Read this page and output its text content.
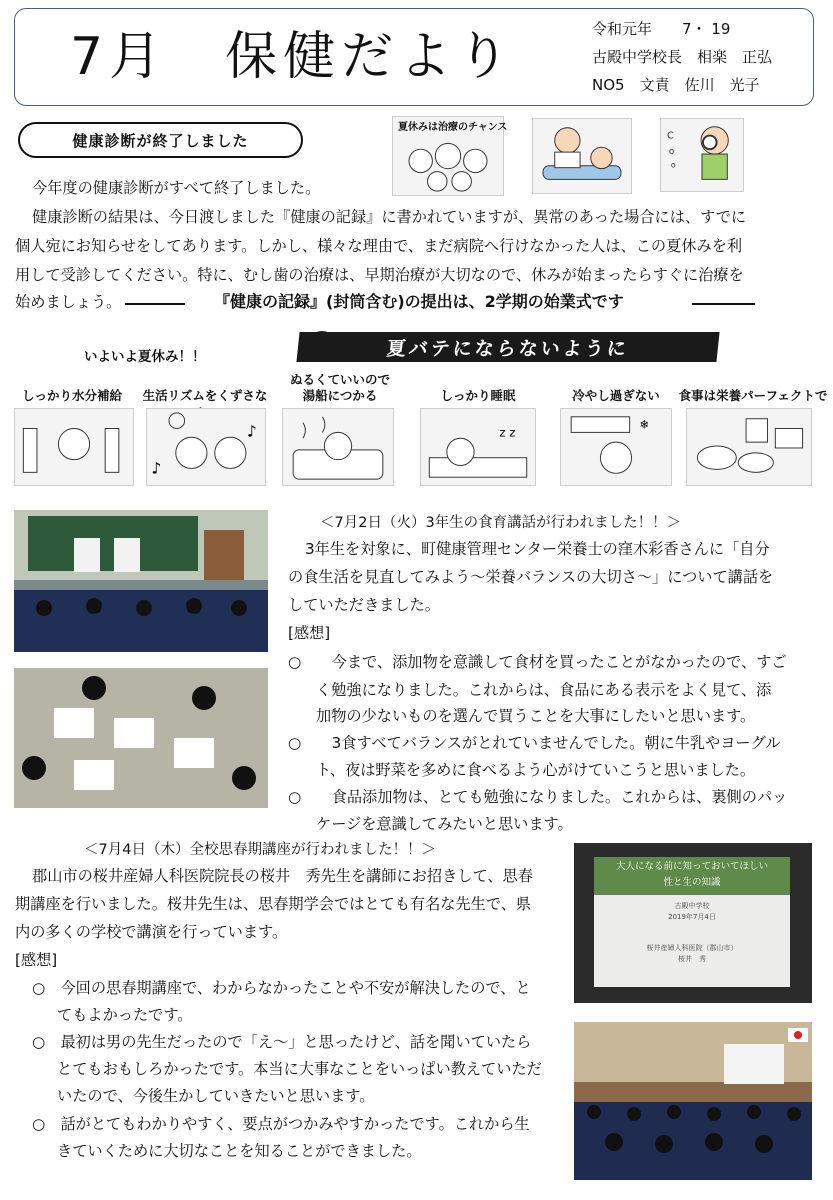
7月　保健だより	令和元年　　7・ 19
古殿中学校長　相楽　正弘
NO5　文責　佐川　光子
健康診断が終了しました
夏休みは治療のチャンス
C
o
o
今年度の健康診断がすべて終了しました。
健康診断の結果は、今日渡しました『健康の記録』に書かれていますが、異常のあった場合には、すでに
個人宛にお知らせをしてあります。しかし、様々な理由で、まだ病院へ行けなかった人は、この夏休みを利
用して受診してください。特に、むし歯の治療は、早期治療が大切なので、休みが始まったらすぐに治療を
始めましょう。	『健康の記録』(封筒含む)の提出は、2学期の始業式です
いよいよ夏休み！！	夏バテにならないように
しっかり水分補給	生活リズムをくずさな
ぬるくていいので
湯船につかる	しっかり睡眠	冷やし過ぎない	食事は栄養パーフェクトで
♪
♪	z z
❄
＜7月2日（火）3年生の食育講話が行われました！！＞
3年生を対象に、町健康管理センター栄養士の窪木彩香さんに「自分
の食生活を見直してみよう～栄養バランスの大切さ～」について講話を
していただきました。
[感想]
○　　今まで、添加物を意識して食材を買ったことがなかったので、すご
く勉強になりました。これからは、食品にある表示をよく見て、添
加物の少ないものを選んで買うことを大事にしたいと思います。
○　　3食すべてバランスがとれていませんでした。朝に牛乳やヨーグル
ト、夜は野菜を多めに食べるよう心がけていこうと思いました。
○　　食品添加物は、とても勉強になりました。これからは、裏側のパッ
ケージを意識してみたいと思います。
＜7月4日（木）全校思春期講座が行われました！！＞
郡山市の桜井産婦人科医院院長の桜井　秀先生を講師にお招きして、思春
期講座を行いました。桜井先生は、思春期学会ではとても有名な先生で、県
内の多くの学校で講演を行っています。
[感想]
○　今回の思春期講座で、わからなかったことや不安が解決したので、と
てもよかったです。
○　最初は男の先生だったので「え～」と思ったけど、話を聞いていたら
とてもおもしろかったです。本当に大事なことをいっぱい教えていただ
いたので、今後生かしていきたいと思います。
○　話がとてもわかりやすく、要点がつかみやすかったです。これから生
きていくために大切なことを知ることができました。
大人になる前に知っておいてほしい
性と生の知識
古殿中学校
2019年7月4日
桜井産婦人科医院（郡山市）
桜井　秀
